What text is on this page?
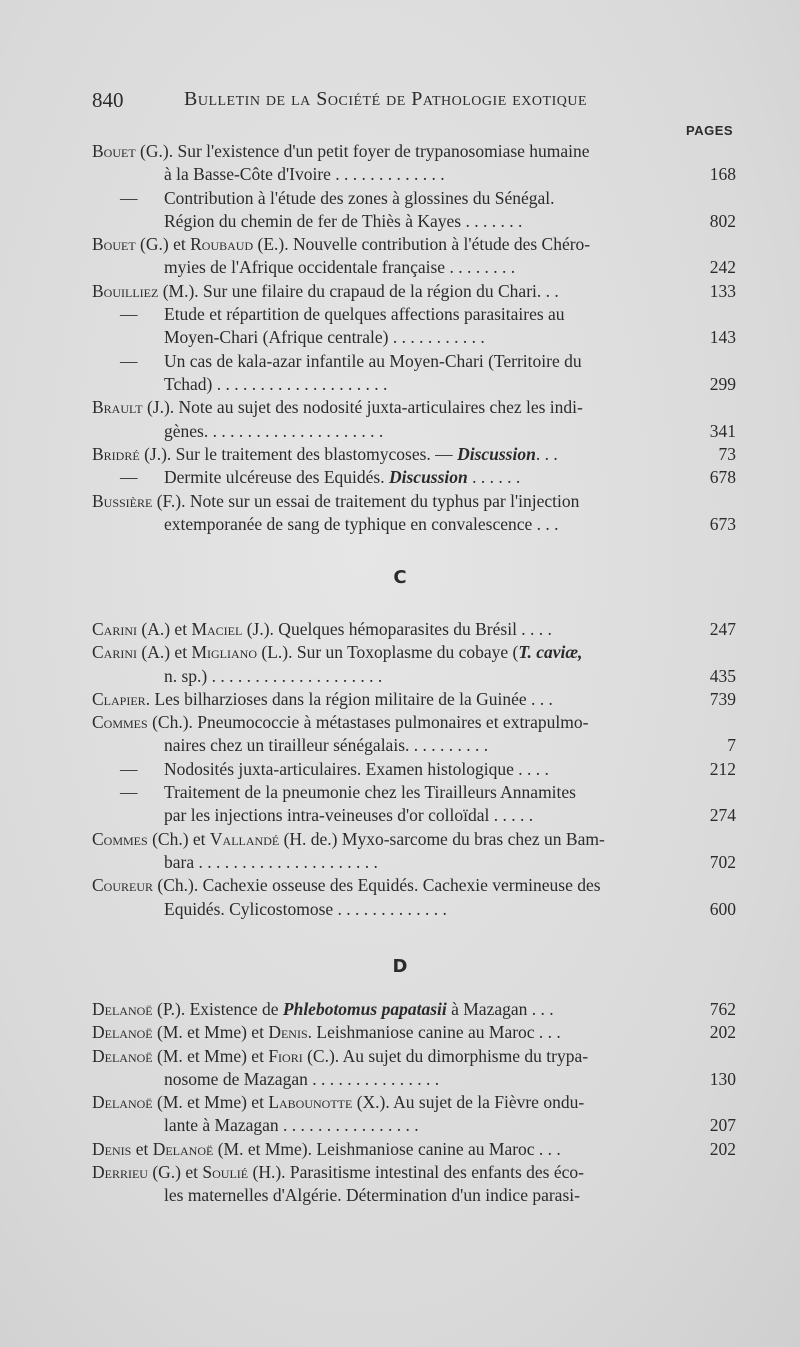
840	Bulletin de la Société de Pathologie exotique
PAGES
Bouet (G.). Sur l'existence d'un petit foyer de trypanosomiase humaine
à la Basse-Côte d'Ivoire . . . . . . . . . . . . .	168
— Contribution à l'étude des zones à glossines du Sénégal.
Région du chemin de fer de Thiès à Kayes . . . . . . .	802
Bouet (G.) et Roubaud (E.). Nouvelle contribution à l'étude des Chéro-
myies de l'Afrique occidentale française . . . . . . . .	242
Bouilliez (M.). Sur une filaire du crapaud de la région du Chari. . .	133
— Etude et répartition de quelques affections parasitaires au
Moyen-Chari (Afrique centrale) . . . . . . . . . . .	143
— Un cas de kala-azar infantile au Moyen-Chari (Territoire du
Tchad) . . . . . . . . . . . . . . . . . . . .	299
Brault (J.). Note au sujet des nodosité juxta-articulaires chez les indi-
gènes. . . . . . . . . . . . . . . . . . . . .	341
Bridré (J.). Sur le traitement des blastomycoses. — Discussion. . .	73
— Dermite ulcéreuse des Equidés. Discussion . . . . . .	678
Bussière (F.). Note sur un essai de traitement du typhus par l'injection
extemporanée de sang de typhique en convalescence . . .	673
C
Carini (A.) et Maciel (J.). Quelques hémoparasites du Brésil . . . .	247
Carini (A.) et Migliano (L.). Sur un Toxoplasme du cobaye (T. caviæ,
n. sp.) . . . . . . . . . . . . . . . . . . . .	435
Clapier. Les bilharzioses dans la région militaire de la Guinée . . .	739
Commes (Ch.). Pneumococcie à métastases pulmonaires et extrapulmo-
naires chez un tirailleur sénégalais. . . . . . . . . .	7
— Nodosités juxta-articulaires. Examen histologique . . . .	212
— Traitement de la pneumonie chez les Tirailleurs Annamites
par les injections intra-veineuses d'or colloïdal . . . . .	274
Commes (Ch.) et Vallandé (H. de.) Myxo-sarcome du bras chez un Bam-
bara . . . . . . . . . . . . . . . . . . . . .	702
Coureur (Ch.). Cachexie osseuse des Equidés. Cachexie vermineuse des
Equidés. Cylicostomose . . . . . . . . . . . . .	600
D
Delanoë (P.). Existence de Phlebotomus papatasii à Mazagan . . .	762
Delanoë (M. et Mme) et Denis. Leishmaniose canine au Maroc . . .	202
Delanoë (M. et Mme) et Fiori (C.). Au sujet du dimorphisme du trypa-
nosome de Mazagan . . . . . . . . . . . . . . .	130
Delanoë (M. et Mme) et Labounotte (X.). Au sujet de la Fièvre ondu-
lante à Mazagan . . . . . . . . . . . . . . . .	207
Denis et Delanoë (M. et Mme). Leishmaniose canine au Maroc . . .	202
Derrieu (G.) et Soulié (H.). Parasitisme intestinal des enfants des éco-
les maternelles d'Algérie. Détermination d'un indice parasi-
